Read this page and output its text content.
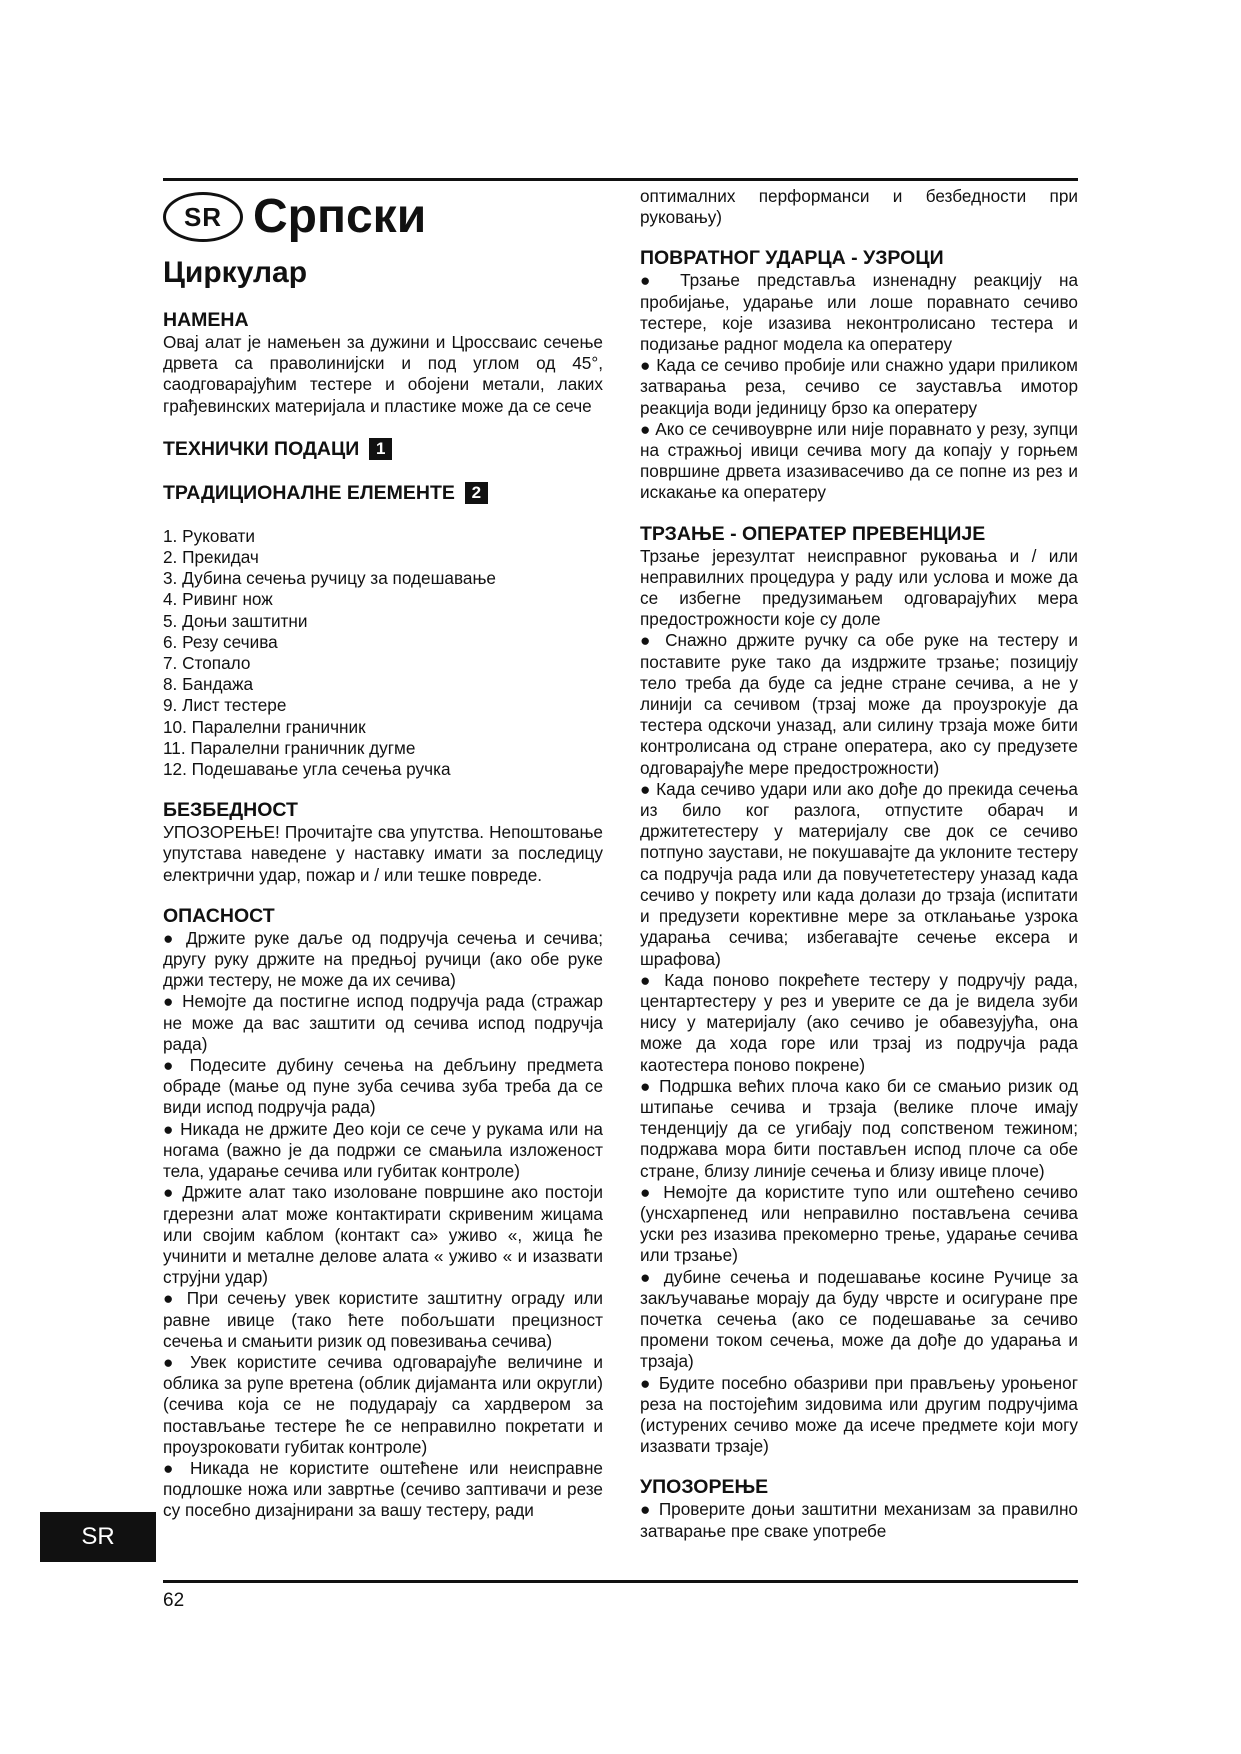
SR Српски
Циркулар

НАМЕНА

Овај алат је намењен за дужини и Цроссваис сечење дрвета са праволинијски и под углом од 45°, саодговарајућим тестере и обојени метали, лаких грађевинских материјала и пластике може да се сече

ТЕХНИЧКИ ПОДАЦИ 1

ТРАДИЦИОНАЛНЕ ЕЛЕМЕНТЕ 2

1. Руковати
2. Прекидач
3. Дубина сечења ручицу за подешавање
4. Ривинг нож
5. Доњи заштитни
6. Резу сечива
7. Стопало
8. Бандажа
9. Лист тестере
10. Паралелни граничник
11. Паралелни граничник дугме
12. Подешавање угла сечења ручка

БЕЗБЕДНОСТ

УПОЗОРЕЊЕ! Прочитајте сва упутства. Непоштовање упутстава наведене у наставку имати за последицу електрични удар, пожар и / или тешке повреде.

ОПАСНОСТ

● Држите руке даље од подручја сечења и сечива; другу руку држите на предњој ручици (ако обе руке држи тестеру, не може да их сечива)

● Немојте да постигне испод подручја рада (стражар не може да вас заштити од сечива испод подручја рада)

● Подесите дубину сечења на дебљину предмета обраде (мање од пуне зуба сечива зуба треба да се види испод подручја рада)

● Никада не држите Део који се сече у рукама или на ногама (важно је да подржи се смањила изложеност тела, ударање сечива или губитак контроле)

● Држите алат тако изоловане површине ако постоји гдерезни алат може контактирати скривеним жицама или својим каблом (контакт са» уживо «, жица ће учинити и металне делове алата « уживо « и изазвати струјни удар)

● При сечењу увек користите заштитну ограду или равне ивице (тако ћете побољшати прецизност сечења и смањити ризик од повезивања сечива)

● Увек користите сечива одговарајуће величине и облика за рупе вретена (облик дијаманта или округли) (сечива која се не подударају са хардвером за постављање тестере ће се неправилно покретати и проузроковати губитак контроле)

● Никада не користите оштећене или неисправне подлошке ножа или завртње (сечиво заптивачи и резе су посебно дизајнирани за вашу тестеру, ради

оптималних перформанси и безбедности при руковању)

ПОВРАТНОГ УДАРЦА - УЗРОЦИ

● Трзање представља изненадну реакцију на пробијање, ударање или лоше поравнато сечиво тестере, које изазива неконтролисано тестера и подизање радног модела ка оператеру

● Када се сечиво пробије или снажно удари приликом затварања реза, сечиво се зауставља имотор реакција води јединицу брзо ка оператеру

● Ако се сечивоуврне или није поравнато у резу, зупци на стражњој ивици сечива могу да копају у горњем површине дрвета изазивасечиво да се попне из рез и искакање ка оператеру

ТРЗАЊЕ - ОПЕРАТЕР ПРЕВЕНЦИЈЕ

Трзање јерезултат неисправног руковања и / или неправилних процедура у раду или услова и може да се избегне предузимањем одговарајућих мера предострожности које су доле

● Снажно држите ручку са обе руке на тестеру и поставите руке тако да издржите трзање; позицију тело треба да буде са једне стране сечива, а не у линији са сечивом (трзај може да проузрокује да тестера одскочи уназад, али силину трзаја може бити контролисана од стране оператера, ако су предузете одговарајуће мере предострожности)

● Када сечиво удари или ако дође до прекида сечења из било ког разлога, отпустите обарач и држитетестеру у материјалу све док се сечиво потпуно заустави, не покушавајте да уклоните тестеру са подручја рада или да повучететестеру уназад када сечиво у покрету или када долази до трзаја (испитати и предузети корективне мере за отклањање узрока ударања сечива; избегавајте сечење ексера и шрафова)

● Када поново покрећете тестеру у подручју рада, центартестеру у рез и уверите се да је видела зуби нису у материјалу (ако сечиво је обавезујућа, она може да хода горе или трзај из подручја рада каотестера поново покрене)

● Подршка већих плоча како би се смањио ризик од штипање сечива и трзаја (велике плоче имају тенденцију да се угибају под сопственом тежином; подржава мора бити постављен испод плоче са обе стране, близу линије сечења и близу ивице плоче)

● Немојте да користите тупо или оштећено сечиво (унсхарпенед или неправилно постављена сечива уски рез изазива прекомерно трење, ударање сечива или трзање)

● дубине сечења и подешавање косине Ручице за закључавање морају да буду чврсте и осигуране пре почетка сечења (ако се подешавање за сечиво промени током сечења, може да дође до ударања и трзаја)

● Будите посебно обазриви при прављењу урoњеног реза на постојећим зидовима или другим подручјима (истурених сечиво може да исече предмете који могу изазвати трзаје)

УПОЗОРЕЊЕ

● Проверите доњи заштитни механизам за правилно затварање пре сваке употребе

SR
62
